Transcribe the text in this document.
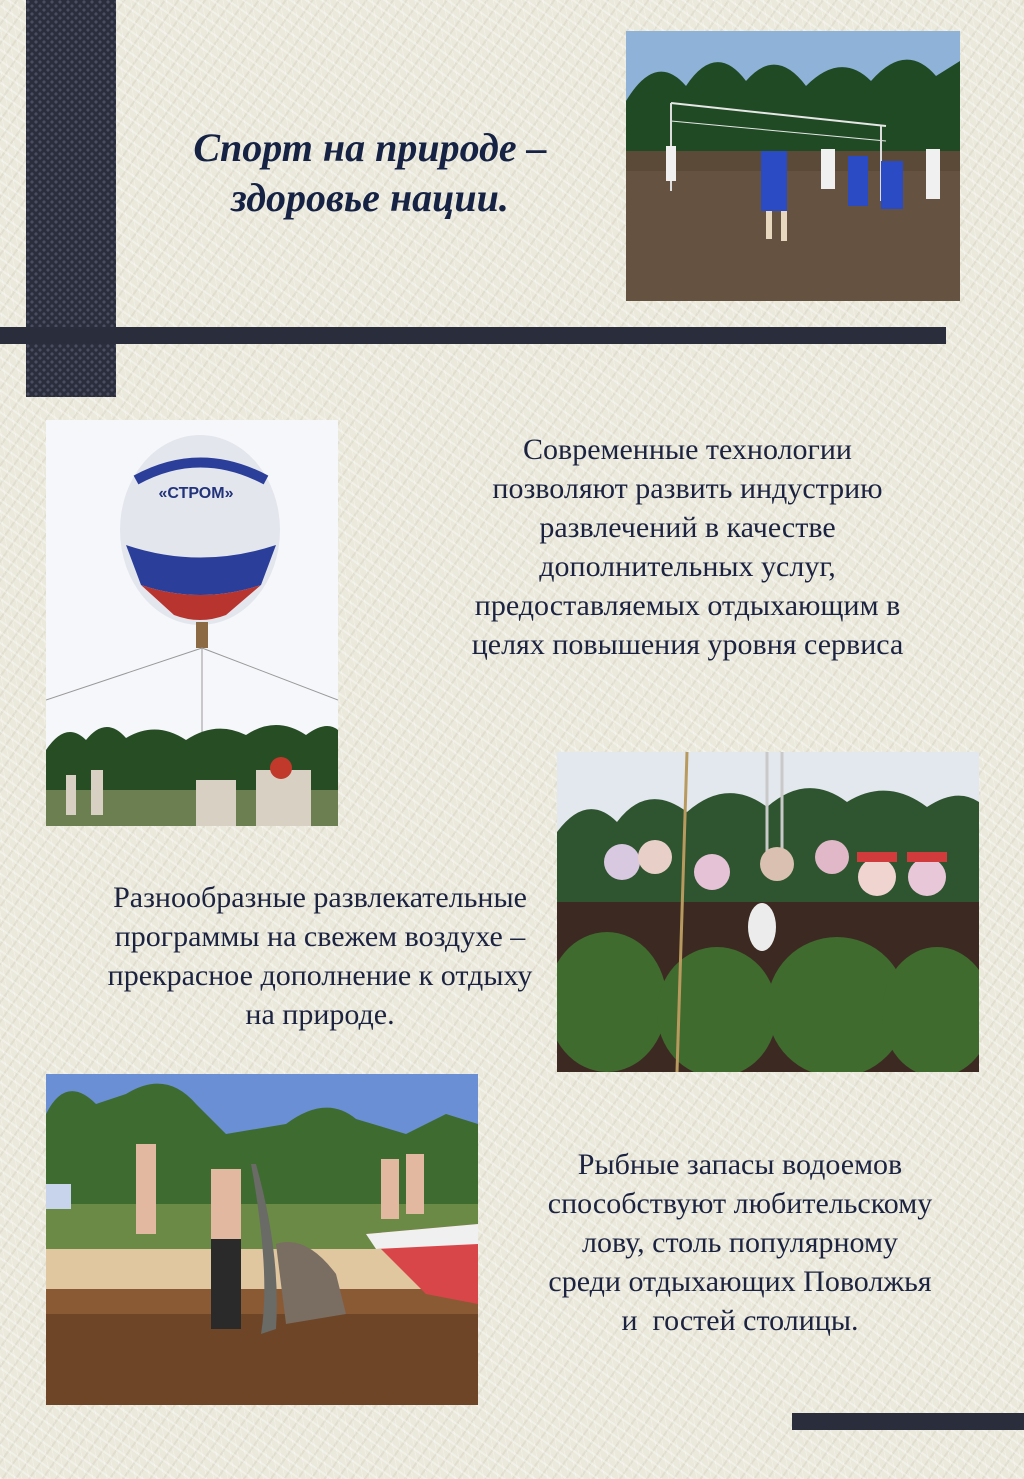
Спорт на природе –
здоровье нации.
«СТРОМ»
Современные технологии
позволяют развить индустрию
развлечений в качестве
дополнительных услуг,
предоставляемых отдыхающим в
целях повышения уровня сервиса
Разнообразные развлекательные
программы на свежем воздухе –
прекрасное дополнение к отдыху
на природе.
Рыбные запасы водоемов
способствуют любительскому
лову, столь популярному
среди отдыхающих Поволжья
и  гостей столицы.
